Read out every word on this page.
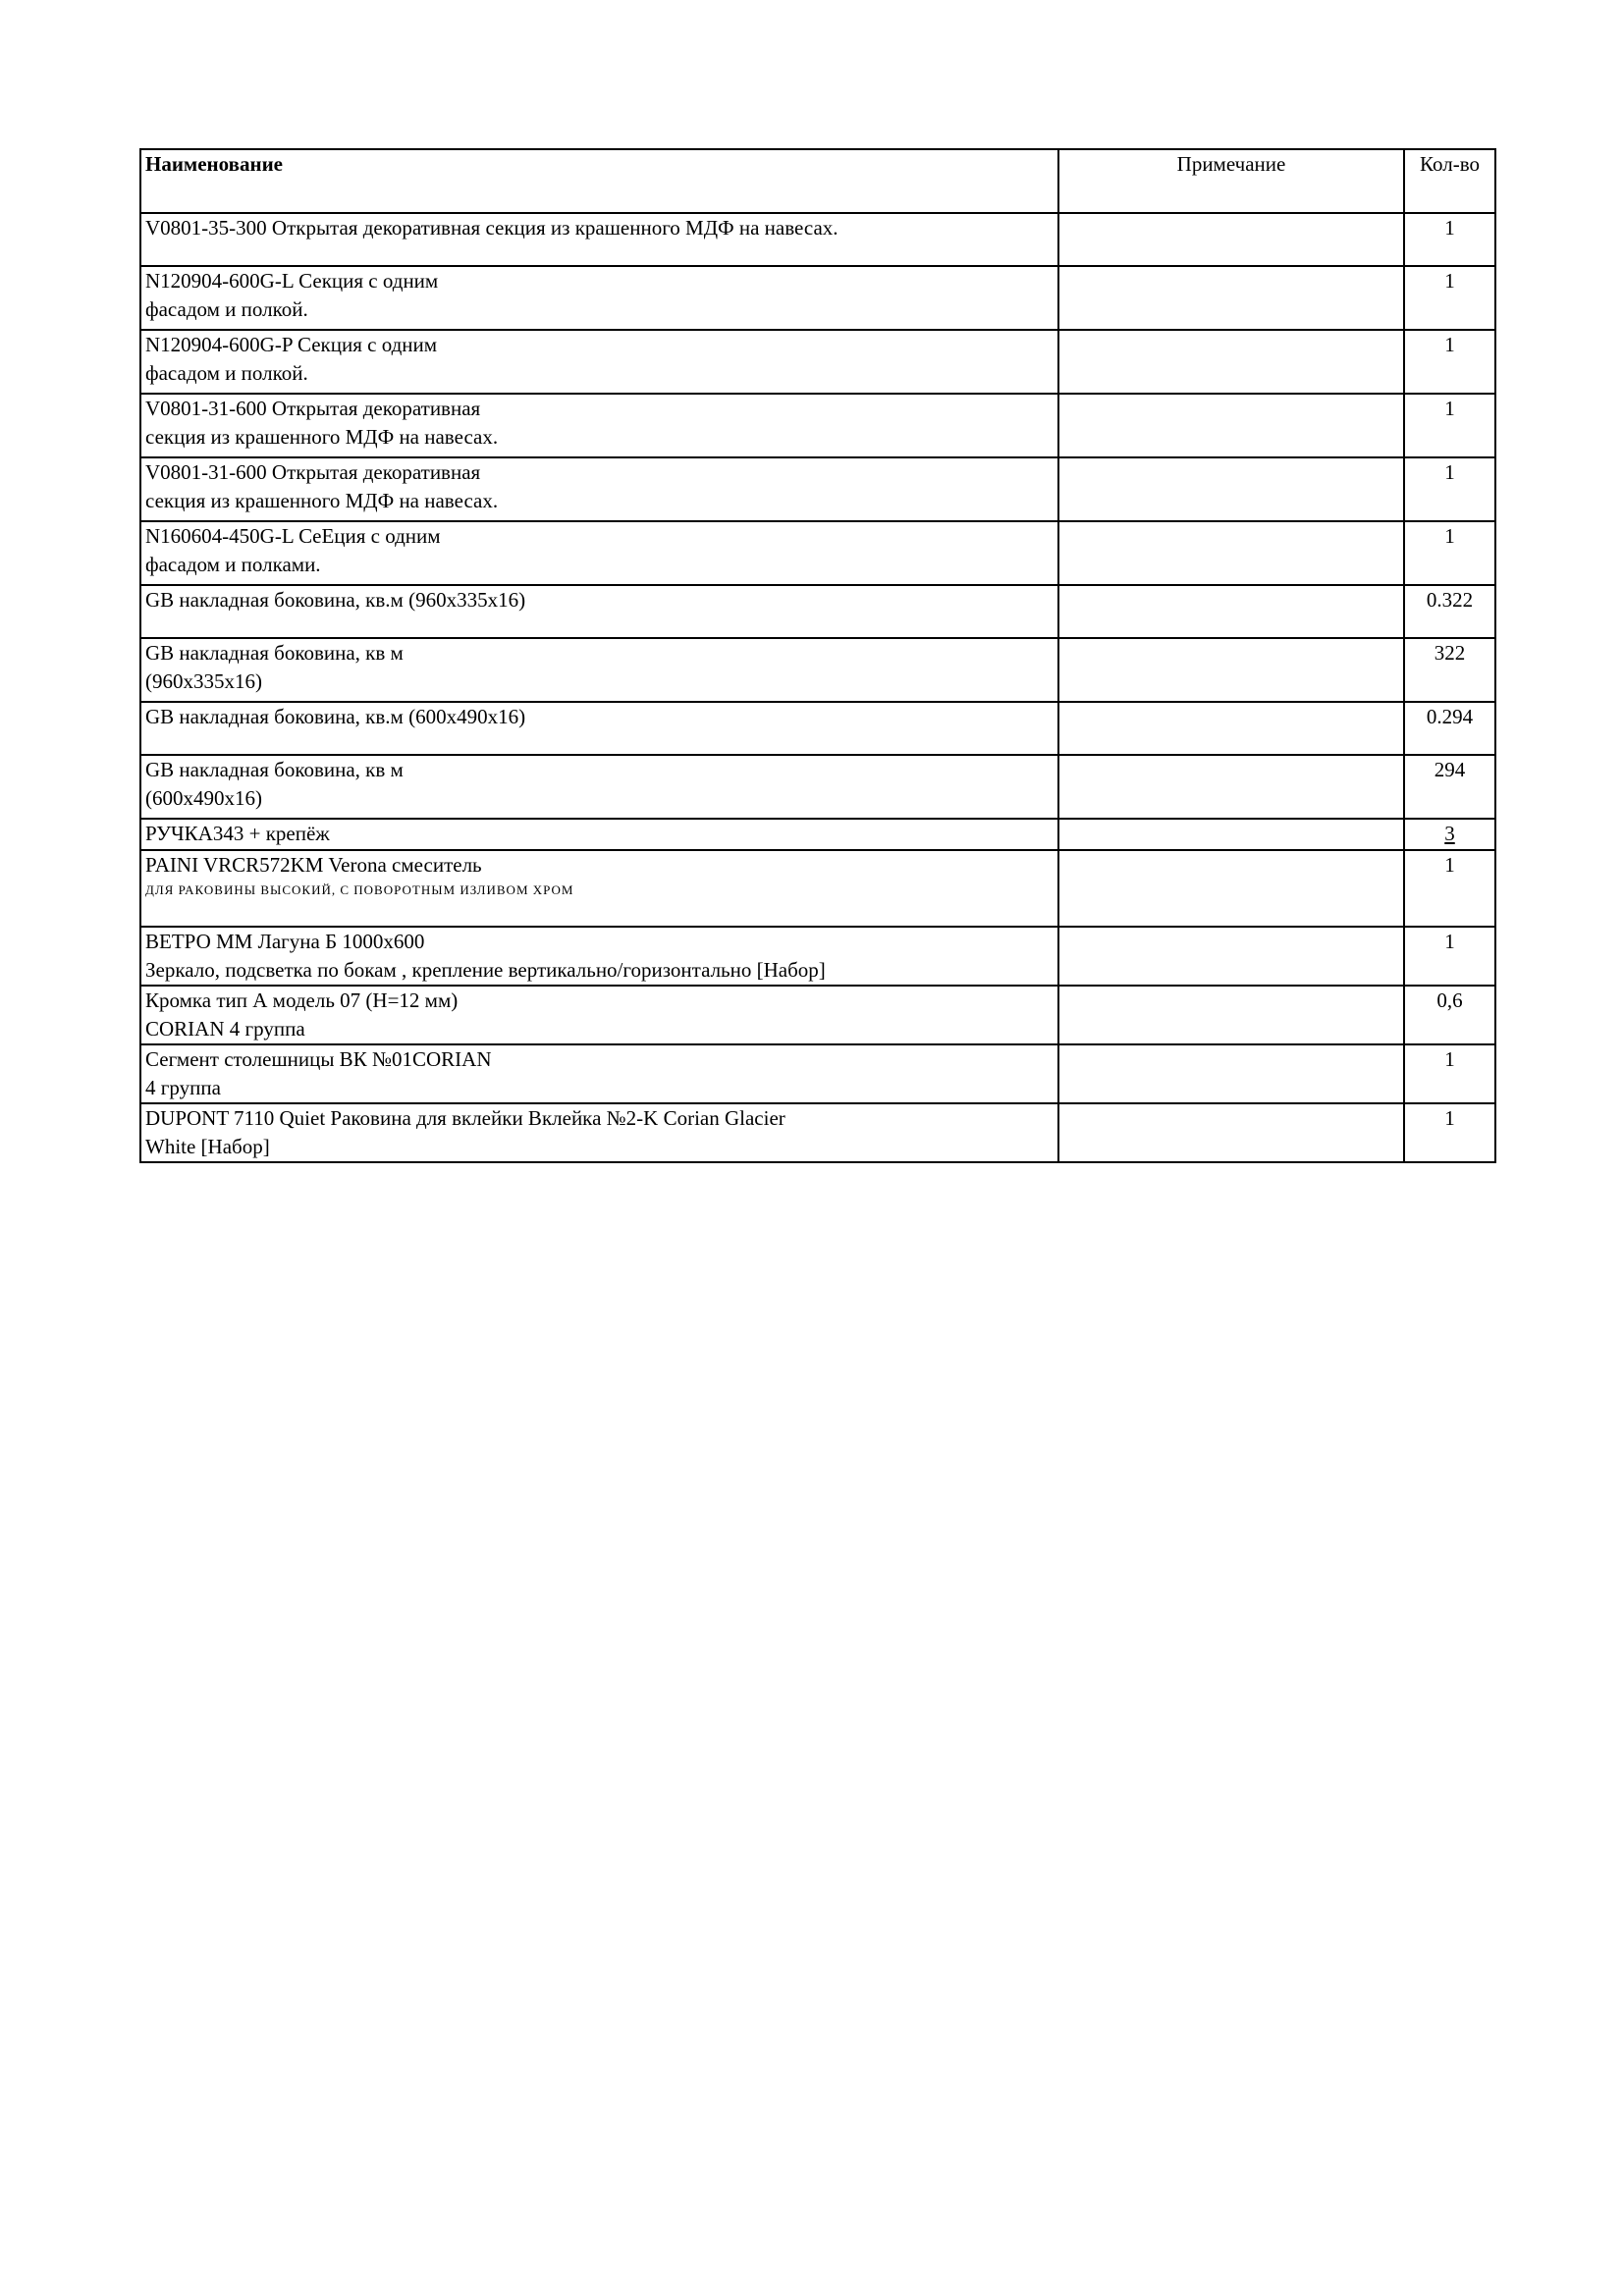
Наименование	Примечание	Кол-во

V0801-35-300 Открытая декоративная секция из крашенного МДФ на навесах.		1

N120904-600G-L Секция с одним
фасадом и полкой.		1

N120904-600G-P Секция с одним
фасадом и полкой.		1

V0801-31-600 Открытая декоративная
секция из крашенного МДФ на навесах.		1

V0801-31-600 Открытая декоративная
секция из крашенного МДФ на навесах.		1

N160604-450G-L CeEция с одним
фасадом и полками.		1

GB накладная боковина, кв.м (960х335х16)		0.322

GB накладная боковина, кв м
(960х335х16)		322

GB накладная боковина, кв.м (600х490х16)		0.294

GB накладная боковина, кв м
(600х490х16)		294

РУЧКА343 + крепёж		3

PAINI VRCR572KM Verona смеситель
ДЛЯ РАКОВИНЫ ВЫСОКИЙ, С ПОВОРОТНЫМ ИЗЛИВОМ ХРОМ		1

ВЕТРО ММ Лагуна Б 1000х600
Зеркало, подсветка по бокам , крепление вертикально/горизонтально [Набор]		1

Кромка тип А модель 07 (Н=12 мм)
CORIAN 4 группа		0,6

Сегмент столешницы ВК №01CORIAN
4 группа		1

DUPONT 7110 Quiet Раковина для вклейки Вклейка №2-K Corian Glacier
White [Набор]		1
